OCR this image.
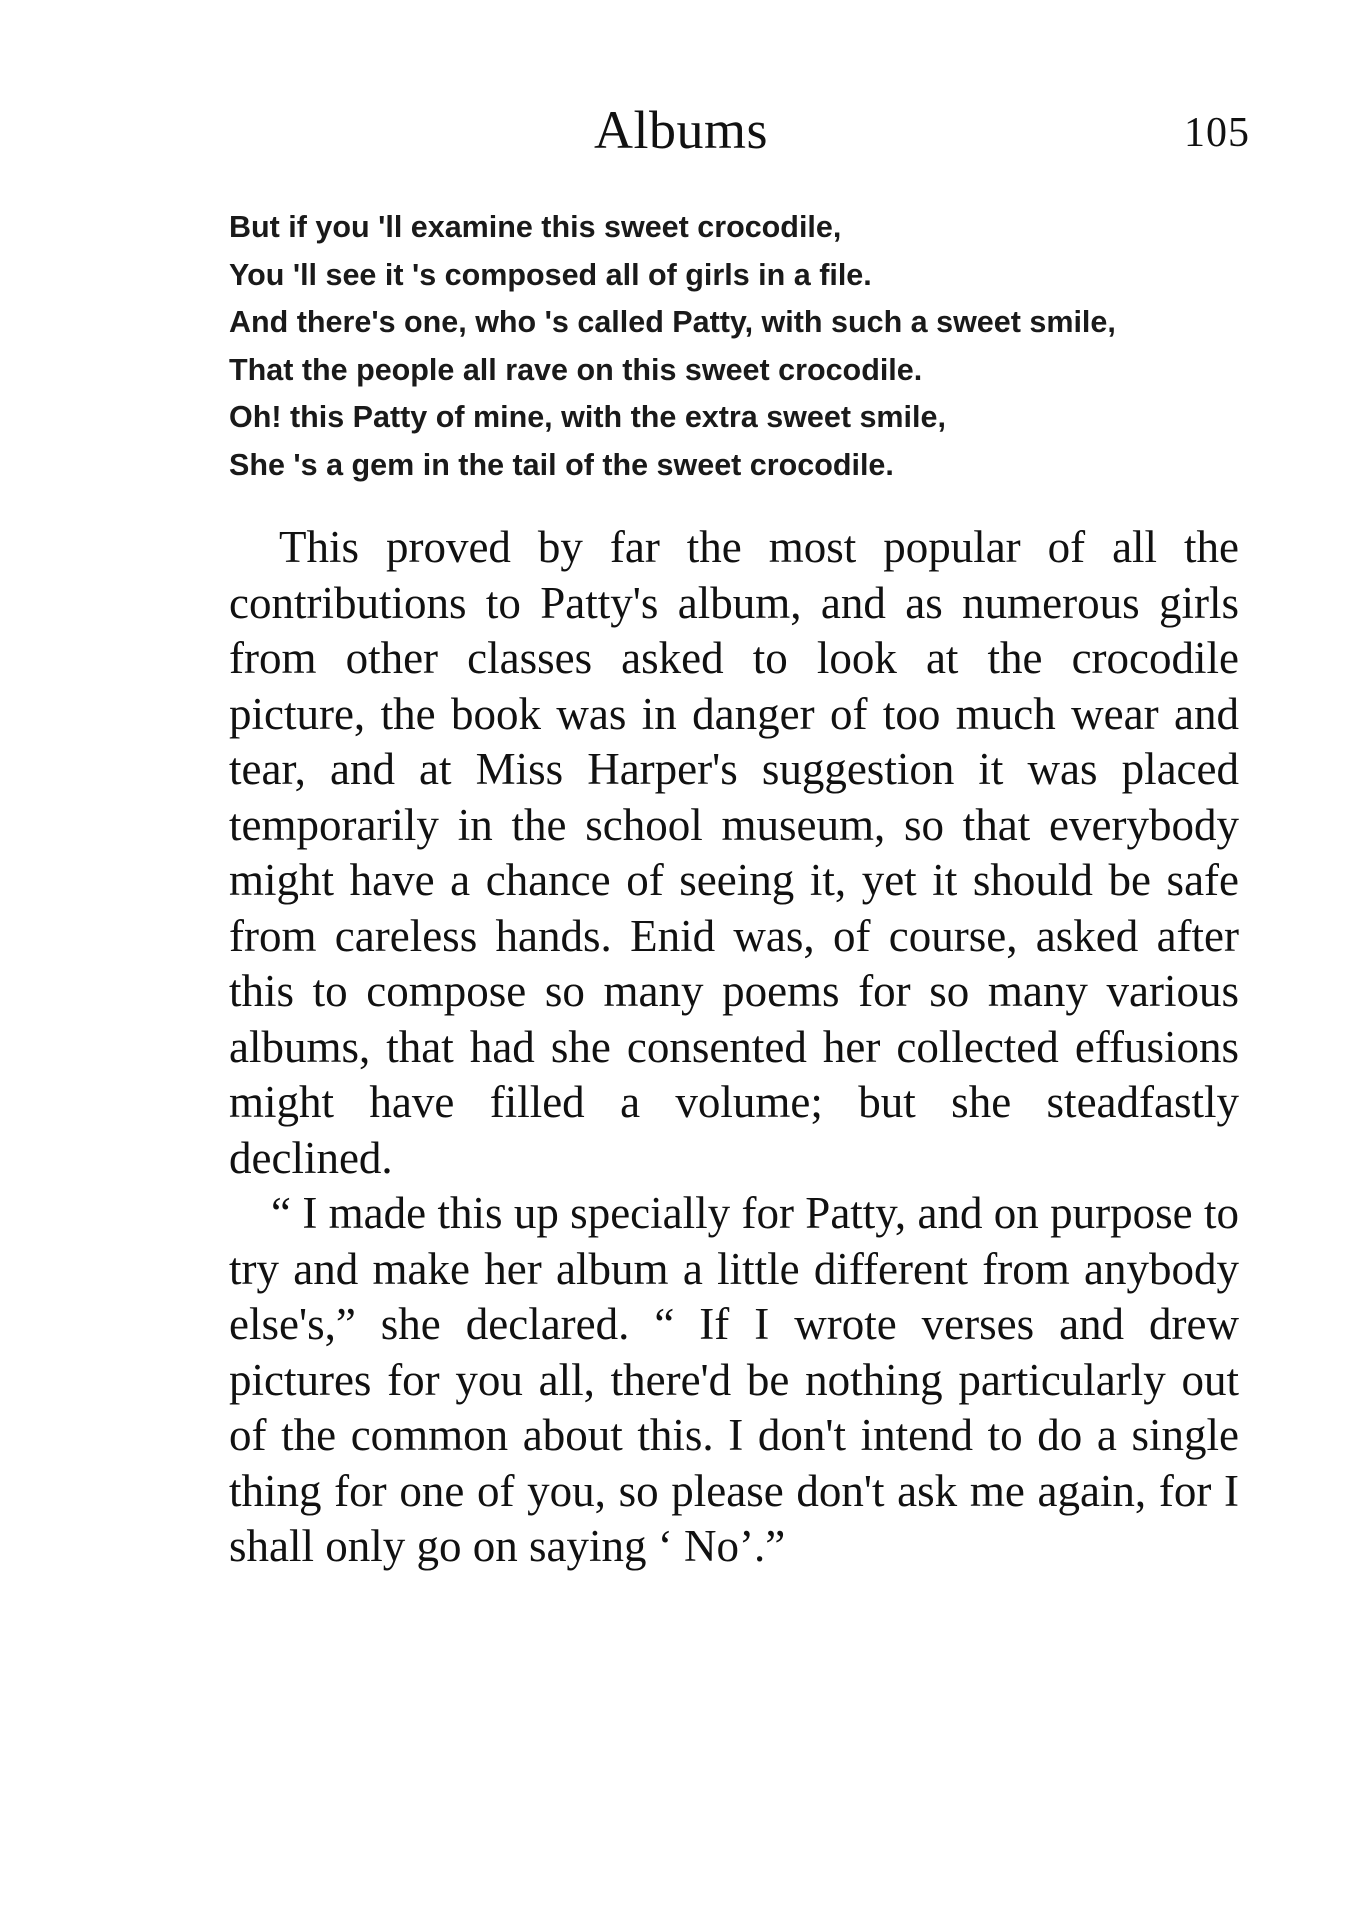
Albums	105
But if you 'll examine this sweet crocodile,
You 'll see it 's composed all of girls in a file.
And there's one, who 's called Patty, with such a sweet smile,
That the people all rave on this sweet crocodile.
Oh! this Patty of mine, with the extra sweet smile,
She 's a gem in the tail of the sweet crocodile.

This proved by far the most popular of all the contributions to Patty's album, and as numerous girls from other classes asked to look at the crocodile picture, the book was in danger of too much wear and tear, and at Miss Harper's suggestion it was placed temporarily in the school museum, so that everybody might have a chance of seeing it, yet it should be safe from careless hands. Enid was, of course, asked after this to compose so many poems for so many various albums, that had she consented her collected effusions might have filled a volume; but she steadfastly declined.

“ I made this up specially for Patty, and on purpose to try and make her album a little different from anybody else's,” she declared. “ If I wrote verses and drew pictures for you all, there'd be nothing particularly out of the common about this. I don't intend to do a single thing for one of you, so please don't ask me again, for I shall only go on saying ‘ No’.”
